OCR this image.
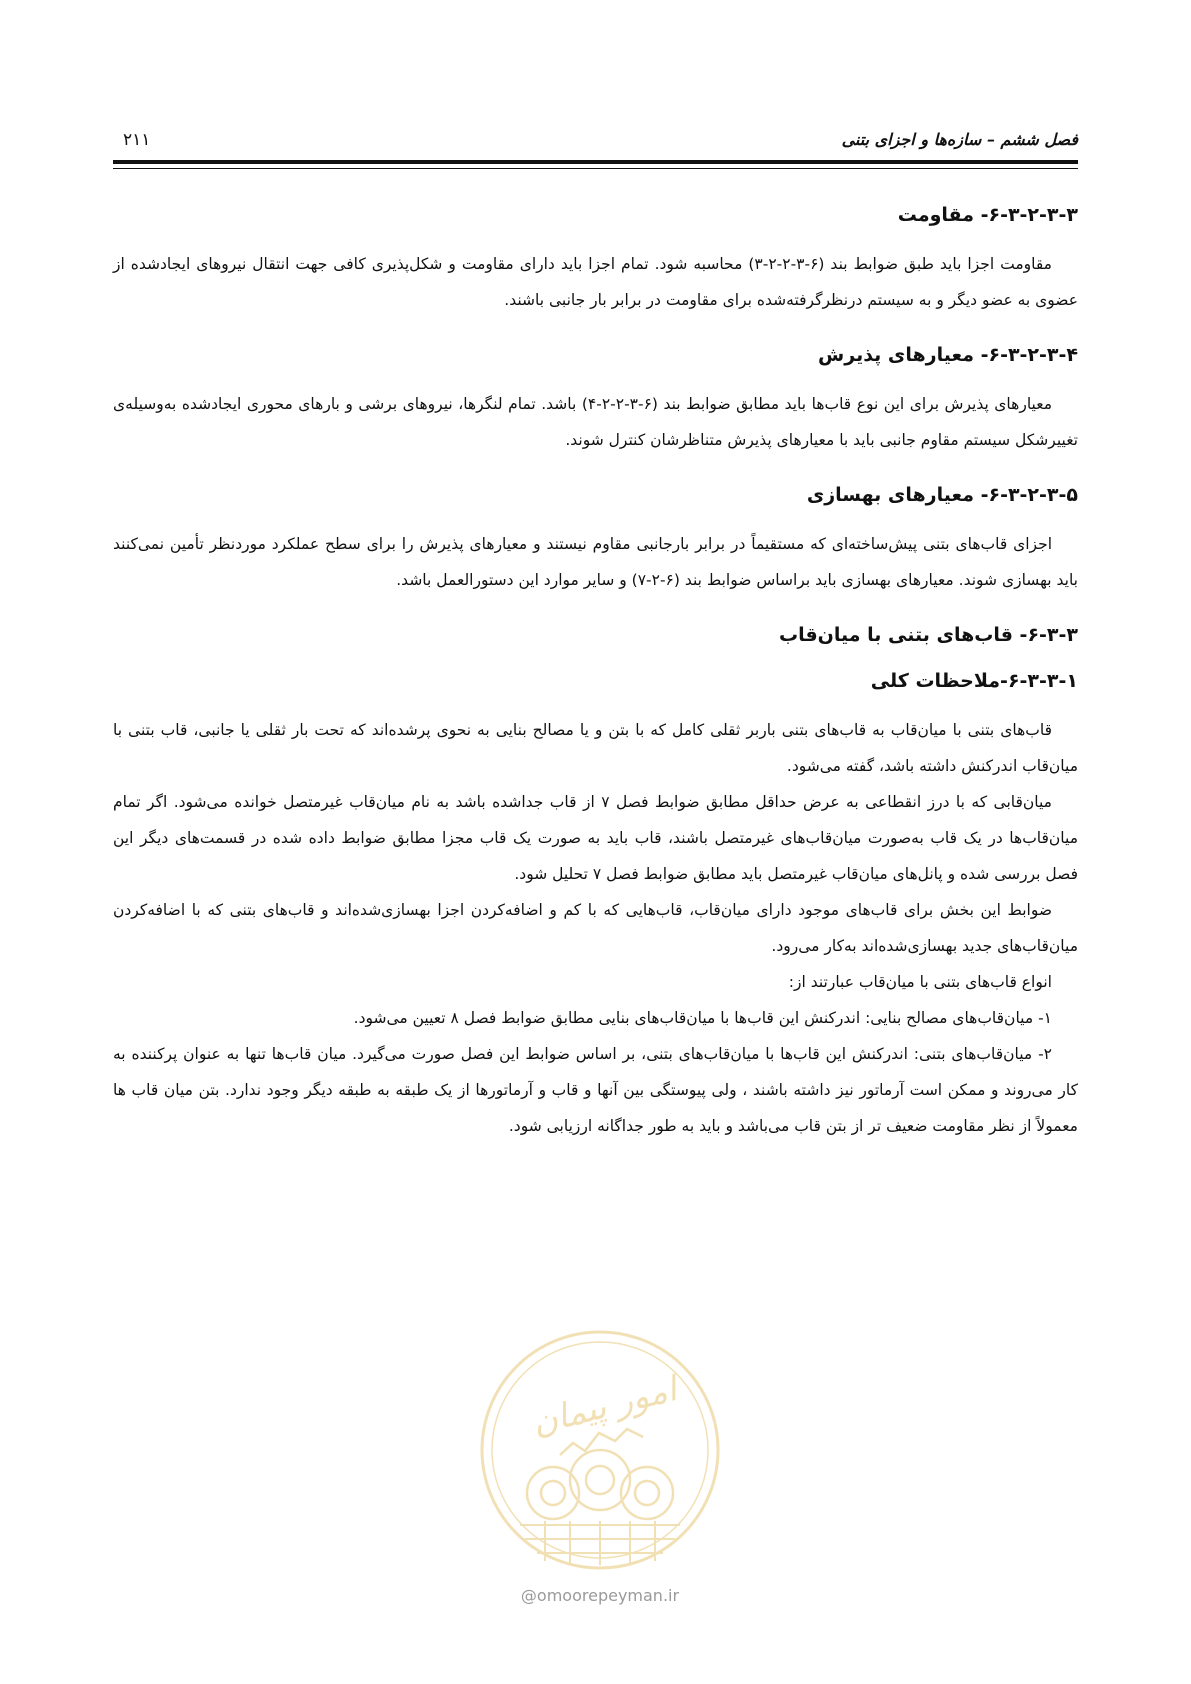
فصل ششم – سازه‌ها و اجزای بتنی
۲۱۱
۶-۳-۲-۳-۳- مقاومت

مقاومت اجزا باید طبق ضوابط بند (۶-۳-۲-۲-۳) محاسبه شود. تمام اجزا باید دارای مقاومت و شکل‌پذیری کافی جهت انتقال نیروهای ایجادشده از عضوی به عضو دیگر و به سیستم درنظرگرفته‌شده برای مقاومت در برابر بار جانبی باشند.

۶-۳-۲-۳-۴- معیارهای پذیرش

معیارهای پذیرش برای این نوع قاب‌ها باید مطابق ضوابط بند (۶-۳-۲-۲-۴) باشد. تمام لنگرها، نیروهای برشی و بارهای محوری ایجادشده به‌وسیله‌ی تغییرشکل سیستم مقاوم جانبی باید با معیارهای پذیرش متناظرشان کنترل شوند.

۶-۳-۲-۳-۵- معیارهای بهسازی

اجزای قاب‌های بتنی پیش‌ساخته‌ای که مستقیماً در برابر بارجانبی مقاوم نیستند و معیارهای پذیرش را برای سطح عملکرد موردنظر تأمین نمی‌کنند باید بهسازی شوند. معیارهای بهسازی باید براساس ضوابط بند (۶-۲-۷) و سایر موارد این دستورالعمل باشد.

۶-۳-۳- قاب‌های بتنی با میان‌قاب
۶-۳-۳-۱-ملاحظات کلی

قاب‌های بتنی با میان‌قاب به قاب‌های بتنی باربر ثقلی کامل که با بتن و یا مصالح بنایی به نحوی پرشده‌اند که تحت بار ثقلی یا جانبی، قاب بتنی با میان‌قاب اندرکنش داشته باشد، گفته می‌شود.

میان‌قابی که با درز انقطاعی به عرض حداقل مطابق ضوابط فصل ۷ از قاب جداشده باشد به نام میان‌قاب غیرمتصل خوانده می‌شود. اگر تمام میان‌قاب‌ها در یک قاب به‌صورت میان‌قاب‌های غیرمتصل باشند، قاب باید به صورت یک قاب مجزا مطابق ضوابط داده شده در قسمت‌های دیگر این فصل بررسی شده و پانل‌های میان‌قاب غیرمتصل باید مطابق ضوابط فصل ۷ تحلیل شود.

ضوابط این بخش برای قاب‌های موجود دارای میان‌قاب، قاب‌هایی که با کم و اضافه‌کردن اجزا بهسازی‌شده‌اند و قاب‌های بتنی که با اضافه‌کردن میان‌قاب‌های جدید بهسازی‌شده‌اند به‌کار می‌رود.

انواع قاب‌های بتنی با میان‌قاب عبارتند از:

۱- میان‌قاب‌های مصالح بنایی: اندرکنش این قاب‌ها با میان‌قاب‌های بنایی مطابق ضوابط فصل ۸ تعیین می‌شود.

۲- میان‌قاب‌های بتنی: اندرکنش این قاب‌ها با میان‌قاب‌های بتنی، بر اساس ضوابط این فصل صورت می‌گیرد. میان قاب‌ها تنها به عنوان پرکننده به کار می‌روند و ممکن است آرماتور نیز داشته باشند ، ولی پیوستگی بین آنها و قاب و آرماتورها از یک طبقه به طبقه دیگر وجود ندارد. بتن میان قاب ها معمولاً از نظر مقاومت ضعیف تر از بتن قاب می‌باشد و باید به طور جداگانه ارزیابی شود.

امور پیمان
@omoorepeyman.ir
